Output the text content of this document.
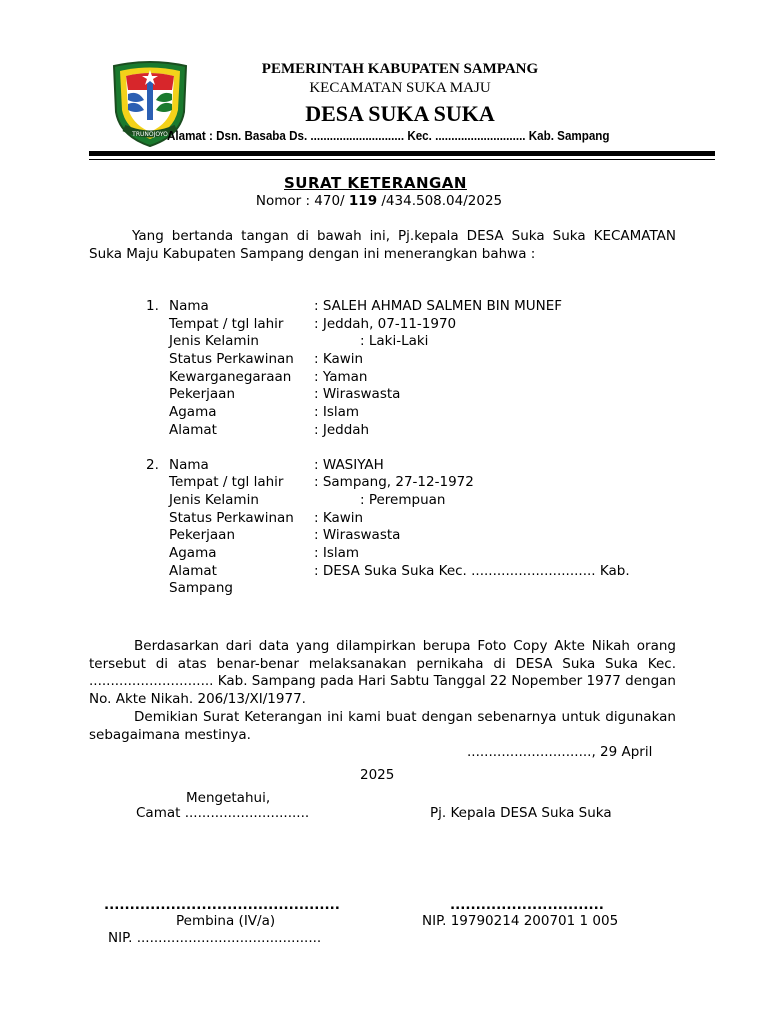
TRUNOJOYO
PEMERINTAH KABUPATEN SAMPANG
KECAMATAN SUKA MAJU
DESA SUKA SUKA
Alamat : Dsn. Basaba Ds. ............................. Kec. ............................ Kab. Sampang
SURAT KETERANGAN
Nomor : 470/ 119 /434.508.04/2025
Yang bertanda tangan di bawah ini, Pj.kepala DESA Suka Suka KECAMATAN Suka Maju Kabupaten Sampang dengan ini menerangkan bahwa :
1. Nama	: SALEH AHMAD SALMEN BIN MUNEF
Tempat / tgl lahir : Jeddah, 07-11-1970
Jenis Kelamin	: Laki-Laki
Status Perkawinan : Kawin
Kewarganegaraan : Yaman
Pekerjaan	: Wiraswasta
Agama	: Islam
Alamat	: Jeddah
2. Nama	: WASIYAH
Tempat / tgl lahir : Sampang, 27-12-1972
Jenis Kelamin	: Perempuan
Status Perkawinan : Kawin
Pekerjaan	: Wiraswasta
Agama	: Islam
Alamat	: DESA Suka Suka Kec. ............................. Kab.
Sampang
Berdasarkan dari data yang dilampirkan berupa Foto Copy Akte Nikah orang tersebut di atas benar-benar melaksanakan pernikaha di DESA Suka Suka Kec. ............................. Kab. Sampang pada Hari Sabtu Tanggal 22 Nopember 1977 dengan No. Akte Nikah. 206/13/XI/1977.
Demikian Surat Keterangan ini kami buat dengan sebenarnya untuk digunakan sebagaimana mestinya.
............................., 29 April
2025
Mengetahui,
Camat .............................	Pj. Kepala DESA Suka Suka
..............................................	..............................
Pembina (IV/a)	NIP. 19790214 200701 1 005
NIP. ...........................................
